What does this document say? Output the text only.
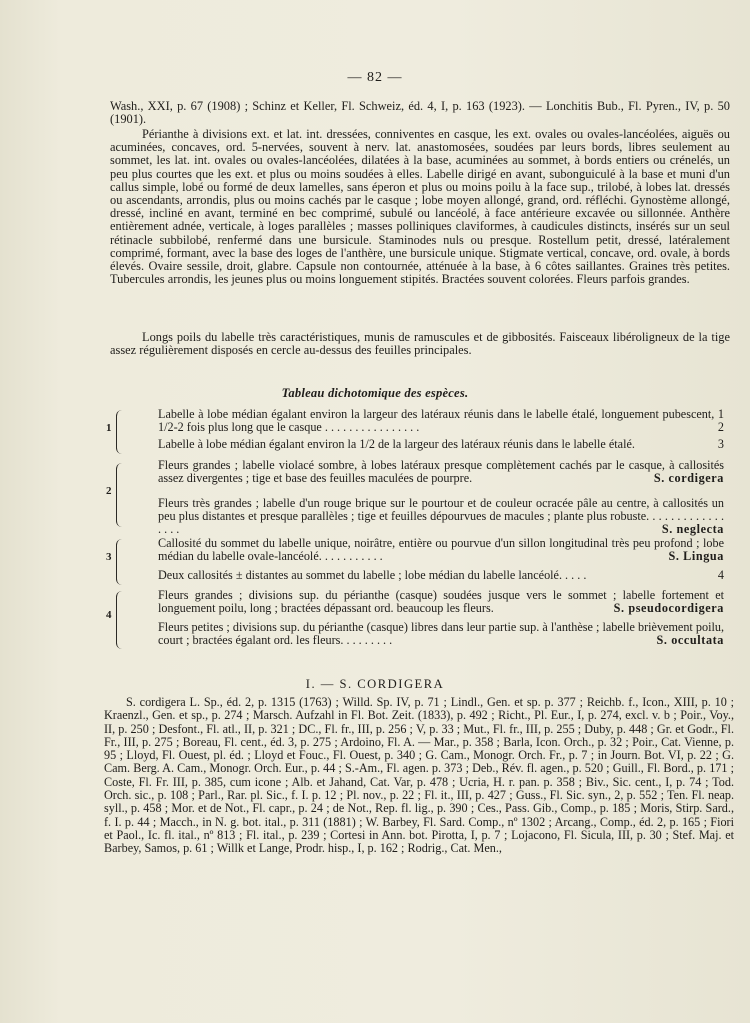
— 82 —
Wash., XXI, p. 67 (1908) ; Schinz et Keller, Fl. Schweiz, éd. 4, I, p. 163 (1923). — Lonchitis Bub., Fl. Pyren., IV, p. 50 (1901).
Périanthe à divisions ext. et lat. int. dressées, conniventes en casque, les ext. ovales ou ovales-lancéolées, aiguës ou acuminées, concaves, ord. 5-nervées, souvent à nerv. lat. anastomosées, soudées par leurs bords, libres seulement au sommet, les lat. int. ovales ou ovales-lancéolées, dilatées à la base, acuminées au sommet, à bords entiers ou crénelés, un peu plus courtes que les ext. et plus ou moins soudées à elles. Labelle dirigé en avant, subonguiculé à la base et muni d'un callus simple, lobé ou formé de deux lamelles, sans éperon et plus ou moins poilu à la face sup., trilobé, à lobes lat. dressés ou ascendants, arrondis, plus ou moins cachés par le casque ; lobe moyen allongé, grand, ord. réfléchi. Gynostème allongé, dressé, incliné en avant, terminé en bec comprimé, subulé ou lancéolé, à face antérieure excavée ou sillonnée. Anthère entièrement adnée, verticale, à loges parallèles ; masses polliniques claviformes, à caudicules distincts, insérés sur un seul rétinacle subbilobé, renfermé dans une bursicule. Staminodes nuls ou presque. Rostellum petit, dressé, latéralement comprimé, formant, avec la base des loges de l'anthère, une bursicule unique. Stigmate vertical, concave, ord. ovale, à bords élevés. Ovaire sessile, droit, glabre. Capsule non contournée, atténuée à la base, à 6 côtes saillantes. Graines très petites. Tubercules arrondis, les jeunes plus ou moins longuement stipités. Bractées souvent colorées. Fleurs parfois grandes.
Longs poils du labelle très caractéristiques, munis de ramuscules et de gibbosités. Faisceaux libéroligneux de la tige assez régulièrement disposés en cercle au-dessus des feuilles principales.
Tableau dichotomique des espèces.
1
Labelle à lobe médian égalant environ la largeur des latéraux réunis dans le labelle étalé, longuement pubescent, 1 1/2-2 fois plus long que le casque . . . . . . . . . . . . . . . .	2
Labelle à lobe médian égalant environ la 1/2 de la largeur des latéraux réunis dans le labelle étalé.	3
2
Fleurs grandes ; labelle violacé sombre, à lobes latéraux presque complètement cachés par le casque, à callosités assez divergentes ; tige et base des feuilles maculées de pourpre.	S. cordigera
Fleurs très grandes ; labelle d'un rouge brique sur le pourtour et de couleur ocracée pâle au centre, à callosités un peu plus distantes et presque parallèles ; tige et feuilles dépourvues de macules ; plante plus robuste. . . . . . . . . . . . . . . . .	S. neglecta
3
Callosité du sommet du labelle unique, noirâtre, entière ou pourvue d'un sillon longitudinal très peu profond ; lobe médian du labelle ovale-lancéolé. . . . . . . . . . .	S. Lingua
Deux callosités ± distantes au sommet du labelle ; lobe médian du labelle lancéolé. . . . .	4
4
Fleurs grandes ; divisions sup. du périanthe (casque) soudées jusque vers le sommet ; labelle fortement et longuement poilu, long ; bractées dépassant ord. beaucoup les fleurs.	S. pseudocordigera
Fleurs petites ; divisions sup. du périanthe (casque) libres dans leur partie sup. à l'anthèse ; labelle brièvement poilu, court ; bractées égalant ord. les fleurs. . . . . . . . .	S. occultata
I. — S. CORDIGERA
S. cordigera L. Sp., éd. 2, p. 1315 (1763) ; Willd. Sp. IV, p. 71 ; Lindl., Gen. et sp. p. 377 ; Reichb. f., Icon., XIII, p. 10 ; Kraenzl., Gen. et sp., p. 274 ; Marsch. Aufzahl in Fl. Bot. Zeit. (1833), p. 492 ; Richt., Pl. Eur., I, p. 274, excl. v. b ; Poir., Voy., II, p. 250 ; Desfont., Fl. atl., II, p. 321 ; DC., Fl. fr., III, p. 256 ; V, p. 33 ; Mut., Fl. fr., III, p. 255 ; Duby, p. 448 ; Gr. et Godr., Fl. Fr., III, p. 275 ; Boreau, Fl. cent., éd. 3, p. 275 ; Ardoino, Fl. A. — Mar., p. 358 ; Barla, Icon. Orch., p. 32 ; Poir., Cat. Vienne, p. 95 ; Lloyd, Fl. Ouest, pl. éd. ; Lloyd et Fouc., Fl. Ouest, p. 340 ; G. Cam., Monogr. Orch. Fr., p. 7 ; in Journ. Bot. VI, p. 22 ; G. Cam. Berg. A. Cam., Monogr. Orch. Eur., p. 44 ; S.-Am., Fl. agen. p. 373 ; Deb., Rév. fl. agen., p. 520 ; Guill., Fl. Bord., p. 171 ; Coste, Fl. Fr. III, p. 385, cum icone ; Alb. et Jahand, Cat. Var, p. 478 ; Ucria, H. r. pan. p. 358 ; Biv., Sic. cent., I, p. 74 ; Tod. Orch. sic., p. 108 ; Parl., Rar. pl. Sic., f. I. p. 12 ; Pl. nov., p. 22 ; Fl. it., III, p. 427 ; Guss., Fl. Sic. syn., 2, p. 552 ; Ten. Fl. neap. syll., p. 458 ; Mor. et de Not., Fl. capr., p. 24 ; de Not., Rep. fl. lig., p. 390 ; Ces., Pass. Gib., Comp., p. 185 ; Moris, Stirp. Sard., f. I. p. 44 ; Macch., in N. g. bot. ital., p. 311 (1881) ; W. Barbey, Fl. Sard. Comp., nº 1302 ; Arcang., Comp., éd. 2, p. 165 ; Fiori et Paol., Ic. fl. ital., nº 813 ; Fl. ital., p. 239 ; Cortesi in Ann. bot. Pirotta, I, p. 7 ; Lojacono, Fl. Sicula, III, p. 30 ; Stef. Maj. et Barbey, Samos, p. 61 ; Willk et Lange, Prodr. hisp., I, p. 162 ; Rodrig., Cat. Men.,
